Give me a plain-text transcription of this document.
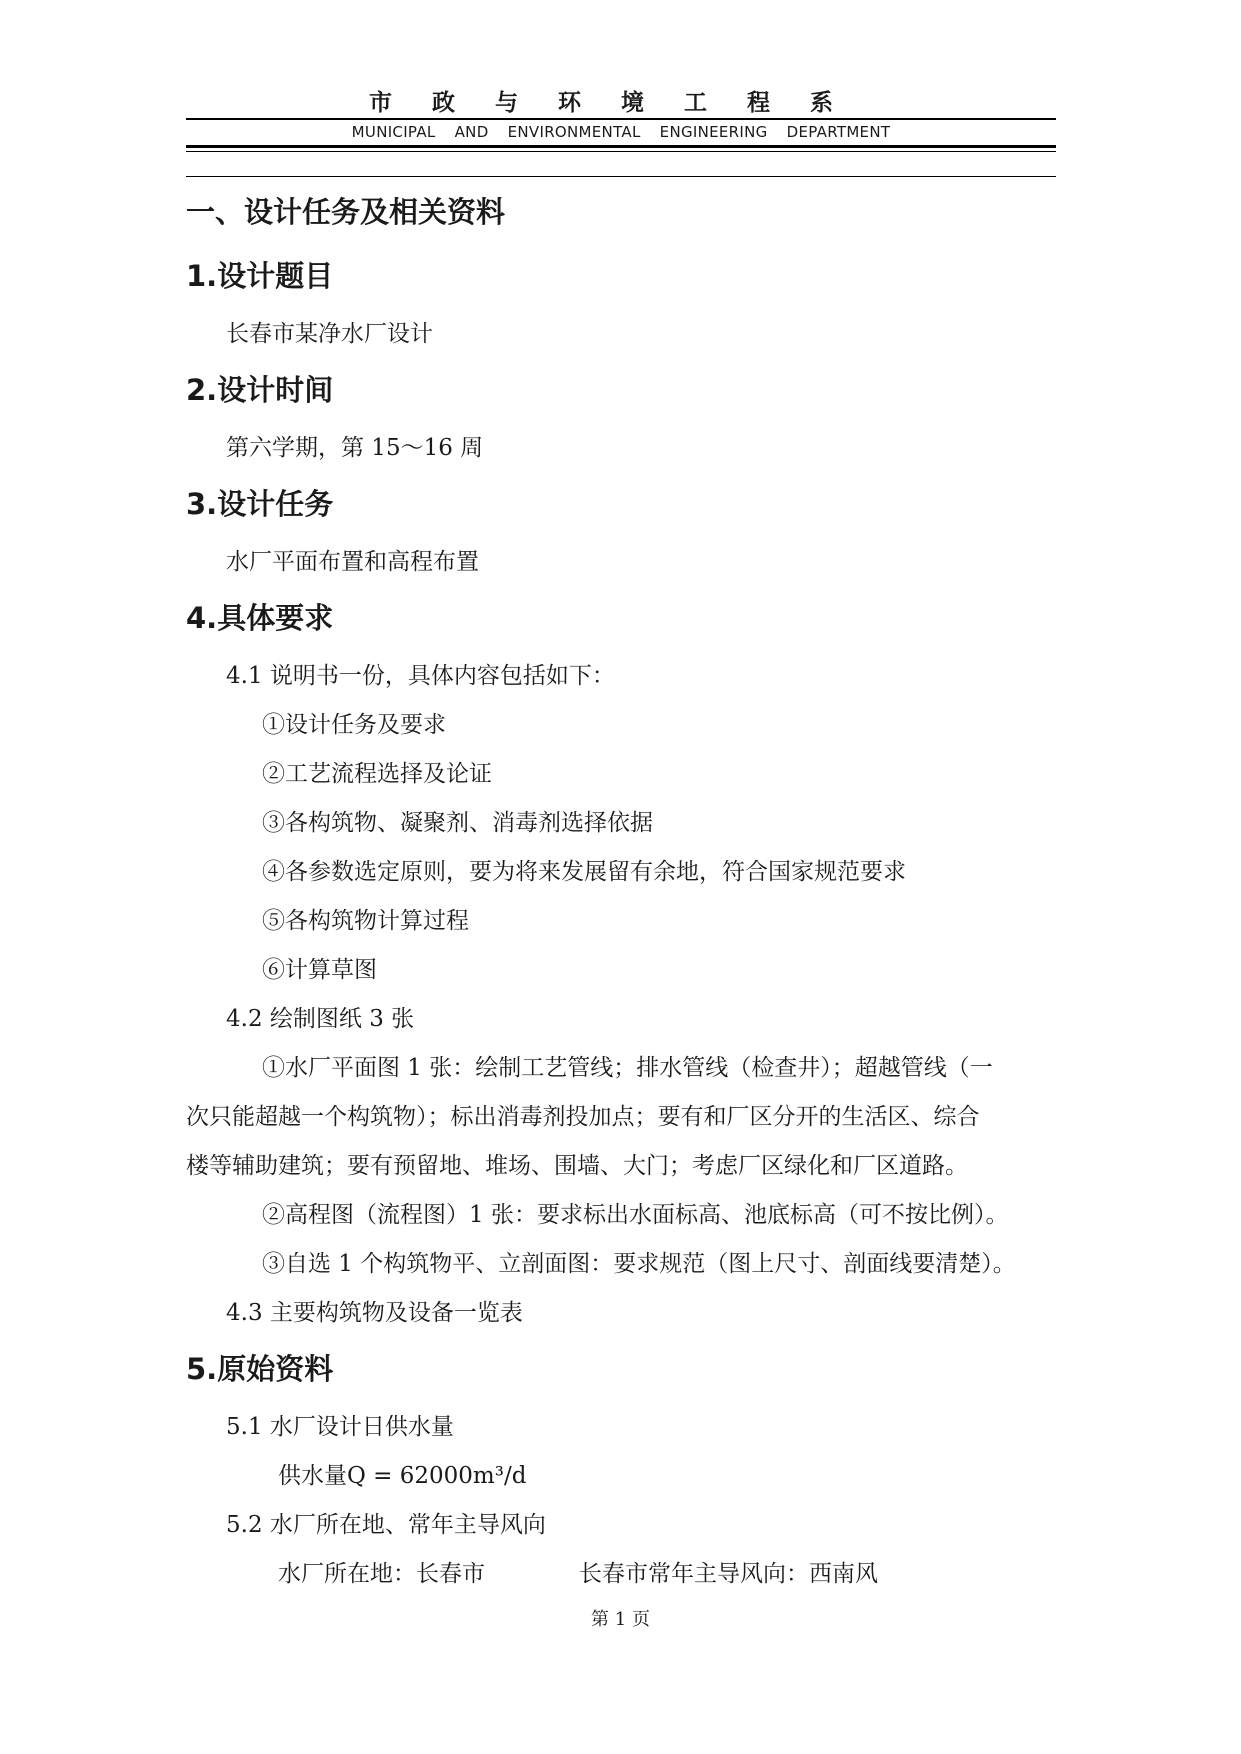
市政与环境工程系
MUNICIPAL AND ENVIRONMENTAL ENGINEERING DEPARTMENT
一、设计任务及相关资料
1.设计题目
长春市某净水厂设计
2.设计时间
第六学期，第 15～16 周
3.设计任务
水厂平面布置和高程布置
4.具体要求
4.1 说明书一份，具体内容包括如下：
①设计任务及要求
②工艺流程选择及论证
③各构筑物、凝聚剂、消毒剂选择依据
④各参数选定原则，要为将来发展留有余地，符合国家规范要求
⑤各构筑物计算过程
⑥计算草图
4.2 绘制图纸 3 张
①水厂平面图 1 张：绘制工艺管线；排水管线（检查井）；超越管线（一
次只能超越一个构筑物）；标出消毒剂投加点；要有和厂区分开的生活区、综合
楼等辅助建筑；要有预留地、堆场、围墙、大门；考虑厂区绿化和厂区道路。
②高程图（流程图）1 张：要求标出水面标高、池底标高（可不按比例）。
③自选 1 个构筑物平、立剖面图：要求规范（图上尺寸、剖面线要清楚）。
4.3 主要构筑物及设备一览表
5.原始资料
5.1 水厂设计日供水量
供水量Q = 62000m³/d
5.2 水厂所在地、常年主导风向
水厂所在地：长春市	长春市常年主导风向：西南风
第 1 页
